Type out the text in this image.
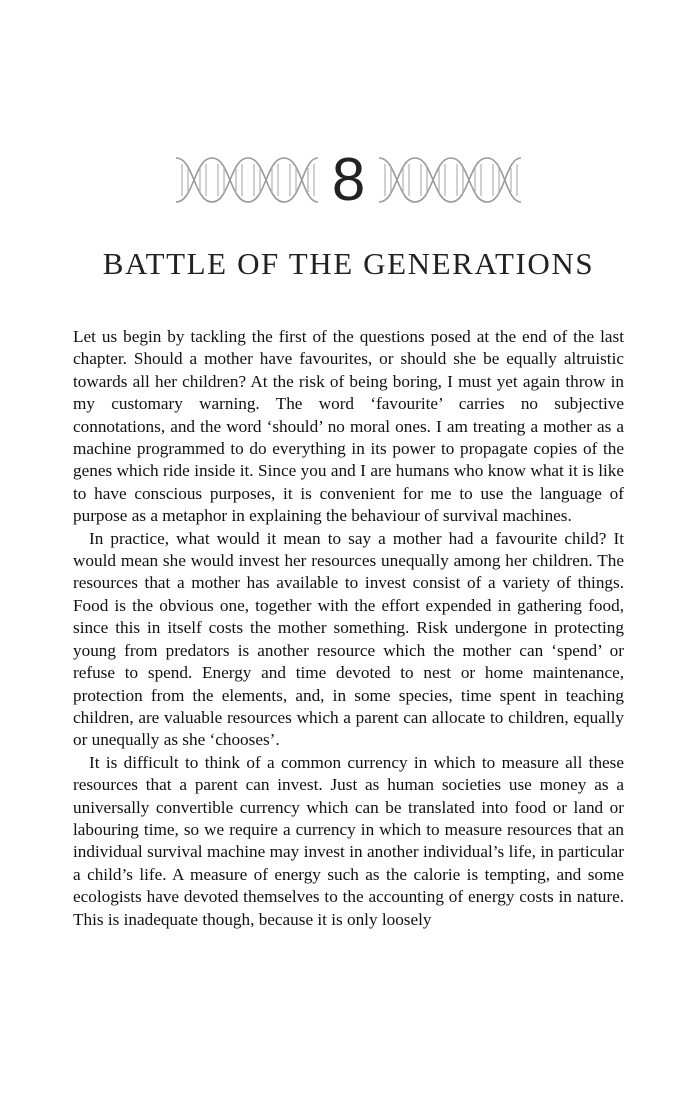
8
BATTLE OF THE GENERATIONS

Let us begin by tackling the first of the questions posed at the end of the last chapter. Should a mother have favourites, or should she be equally altruistic towards all her children? At the risk of being boring, I must yet again throw in my customary warning. The word ‘favourite’ carries no subjective connotations, and the word ‘should’ no moral ones. I am treating a mother as a machine programmed to do everything in its power to propagate copies of the genes which ride inside it. Since you and I are humans who know what it is like to have conscious purposes, it is convenient for me to use the language of purpose as a metaphor in explaining the behaviour of survival machines.

In practice, what would it mean to say a mother had a favourite child? It would mean she would invest her resources unequally among her children. The resources that a mother has available to invest consist of a variety of things. Food is the obvious one, together with the effort expended in gathering food, since this in itself costs the mother something. Risk undergone in protecting young from predators is another resource which the mother can ‘spend’ or refuse to spend. Energy and time devoted to nest or home maintenance, protection from the elements, and, in some species, time spent in teaching children, are valuable resources which a parent can allocate to children, equally or unequally as she ‘chooses’.

It is difficult to think of a common currency in which to measure all these resources that a parent can invest. Just as human societies use money as a universally convertible currency which can be translated into food or land or labouring time, so we require a currency in which to measure resources that an individual survival machine may invest in another individual’s life, in particular a child’s life. A measure of energy such as the calorie is tempting, and some ecologists have devoted themselves to the accounting of energy costs in nature. This is inadequate though, because it is only loosely
